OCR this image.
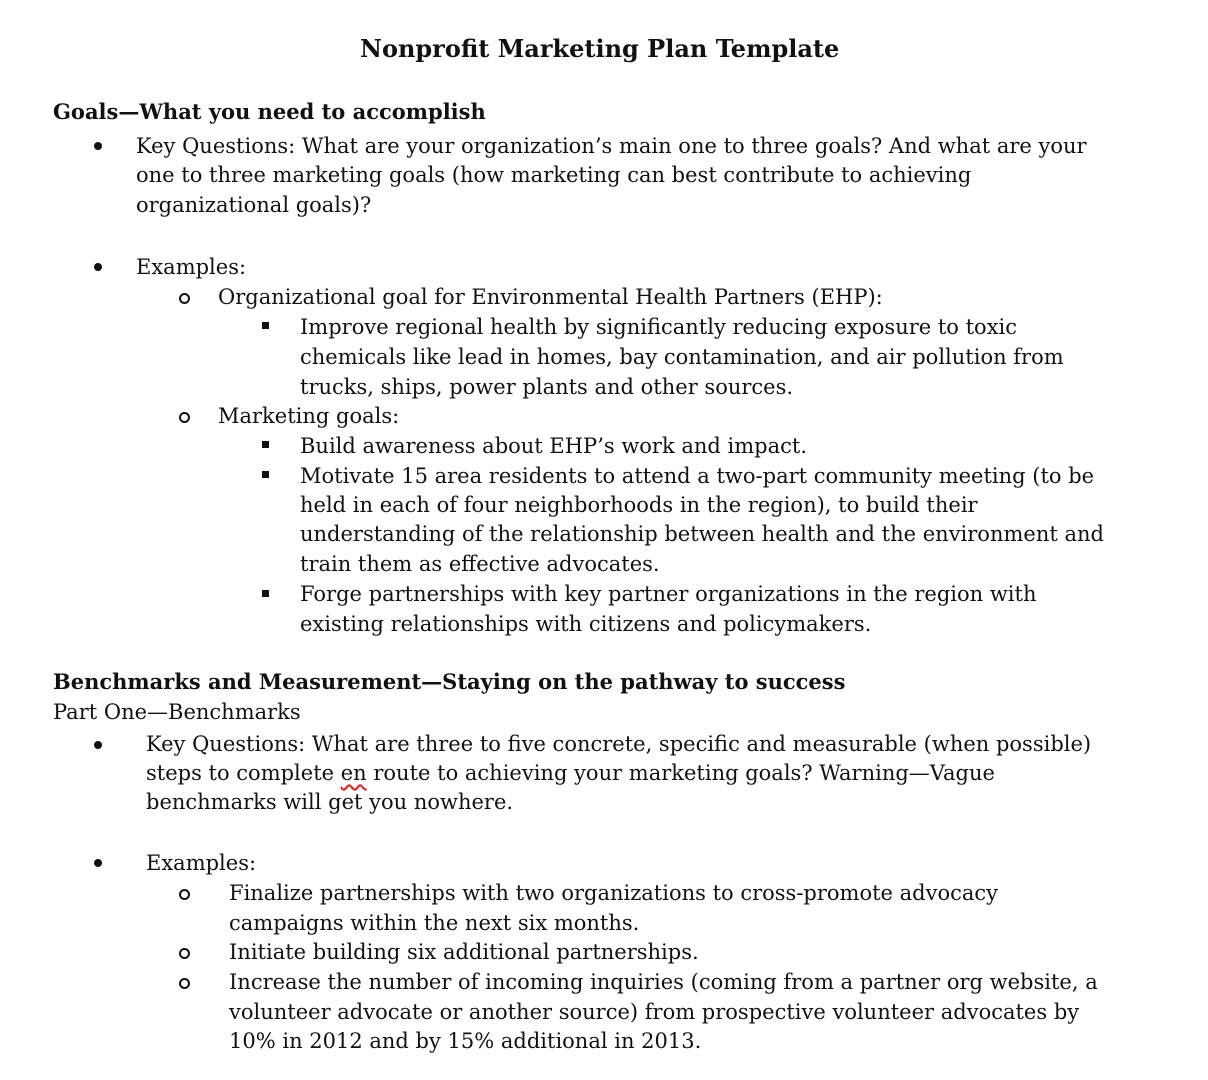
Nonprofit Marketing Plan Template
Goals—What you need to accomplish
Key Questions: What are your organization’s main one to three goals? And what are your
one to three marketing goals (how marketing can best contribute to achieving
organizational goals)?
Examples:
Organizational goal for Environmental Health Partners (EHP):
Improve regional health by significantly reducing exposure to toxic
chemicals like lead in homes, bay contamination, and air pollution from
trucks, ships, power plants and other sources.
Marketing goals:
Build awareness about EHP’s work and impact.
Motivate 15 area residents to attend a two-part community meeting (to be
held in each of four neighborhoods in the region), to build their
understanding of the relationship between health and the environment and
train them as effective advocates.
Forge partnerships with key partner organizations in the region with
existing relationships with citizens and policymakers.
Benchmarks and Measurement—Staying on the pathway to success
Part One—Benchmarks
Key Questions: What are three to five concrete, specific and measurable (when possible)
steps to complete en route to achieving your marketing goals? Warning—Vague
benchmarks will get you nowhere.
Examples:
Finalize partnerships with two organizations to cross-promote advocacy
campaigns within the next six months.
Initiate building six additional partnerships.
Increase the number of incoming inquiries (coming from a partner org website, a
volunteer advocate or another source) from prospective volunteer advocates by
10% in 2012 and by 15% additional in 2013.
